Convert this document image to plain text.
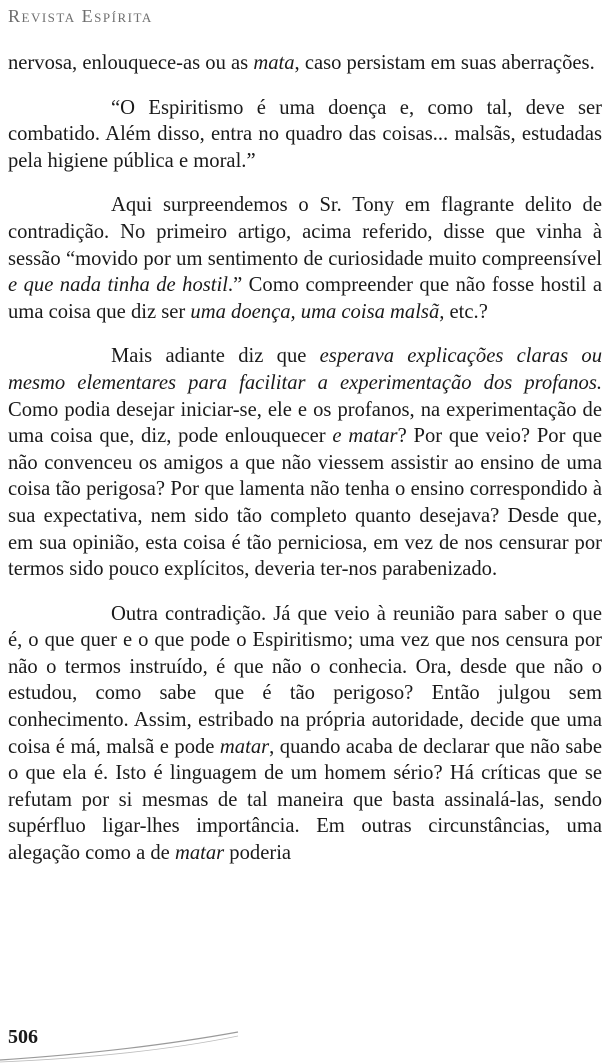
Revista Espírita

nervosa, enlouquece-as ou as mata, caso persistam em suas aberrações.

“O Espiritismo é uma doença e, como tal, deve ser combatido. Além disso, entra no quadro das coisas... malsãs, estudadas pela higiene pública e moral.”

Aqui surpreendemos o Sr. Tony em flagrante delito de contradição. No primeiro artigo, acima referido, disse que vinha à sessão “movido por um sentimento de curiosidade muito compreensível e que nada tinha de hostil.” Como compreender que não fosse hostil a uma coisa que diz ser uma doença, uma coisa malsã, etc.?

Mais adiante diz que esperava explicações claras ou mesmo elementares para facilitar a experimentação dos profanos. Como podia desejar iniciar-se, ele e os profanos, na experimentação de uma coisa que, diz, pode enlouquecer e matar? Por que veio? Por que não convenceu os amigos a que não viessem assistir ao ensino de uma coisa tão perigosa? Por que lamenta não tenha o ensino correspondido à sua expectativa, nem sido tão completo quanto desejava? Desde que, em sua opinião, esta coisa é tão perniciosa, em vez de nos censurar por termos sido pouco explícitos, deveria ter-nos parabenizado.

Outra contradição. Já que veio à reunião para saber o que é, o que quer e o que pode o Espiritismo; uma vez que nos censura por não o termos instruído, é que não o conhecia. Ora, desde que não o estudou, como sabe que é tão perigoso? Então julgou sem conhecimento. Assim, estribado na própria autoridade, decide que uma coisa é má, malsã e pode matar, quando acaba de declarar que não sabe o que ela é. Isto é linguagem de um homem sério? Há críticas que se refutam por si mesmas de tal maneira que basta assinalá-las, sendo supérfluo ligar-lhes importância. Em outras circunstâncias, uma alegação como a de matar poderia

506
